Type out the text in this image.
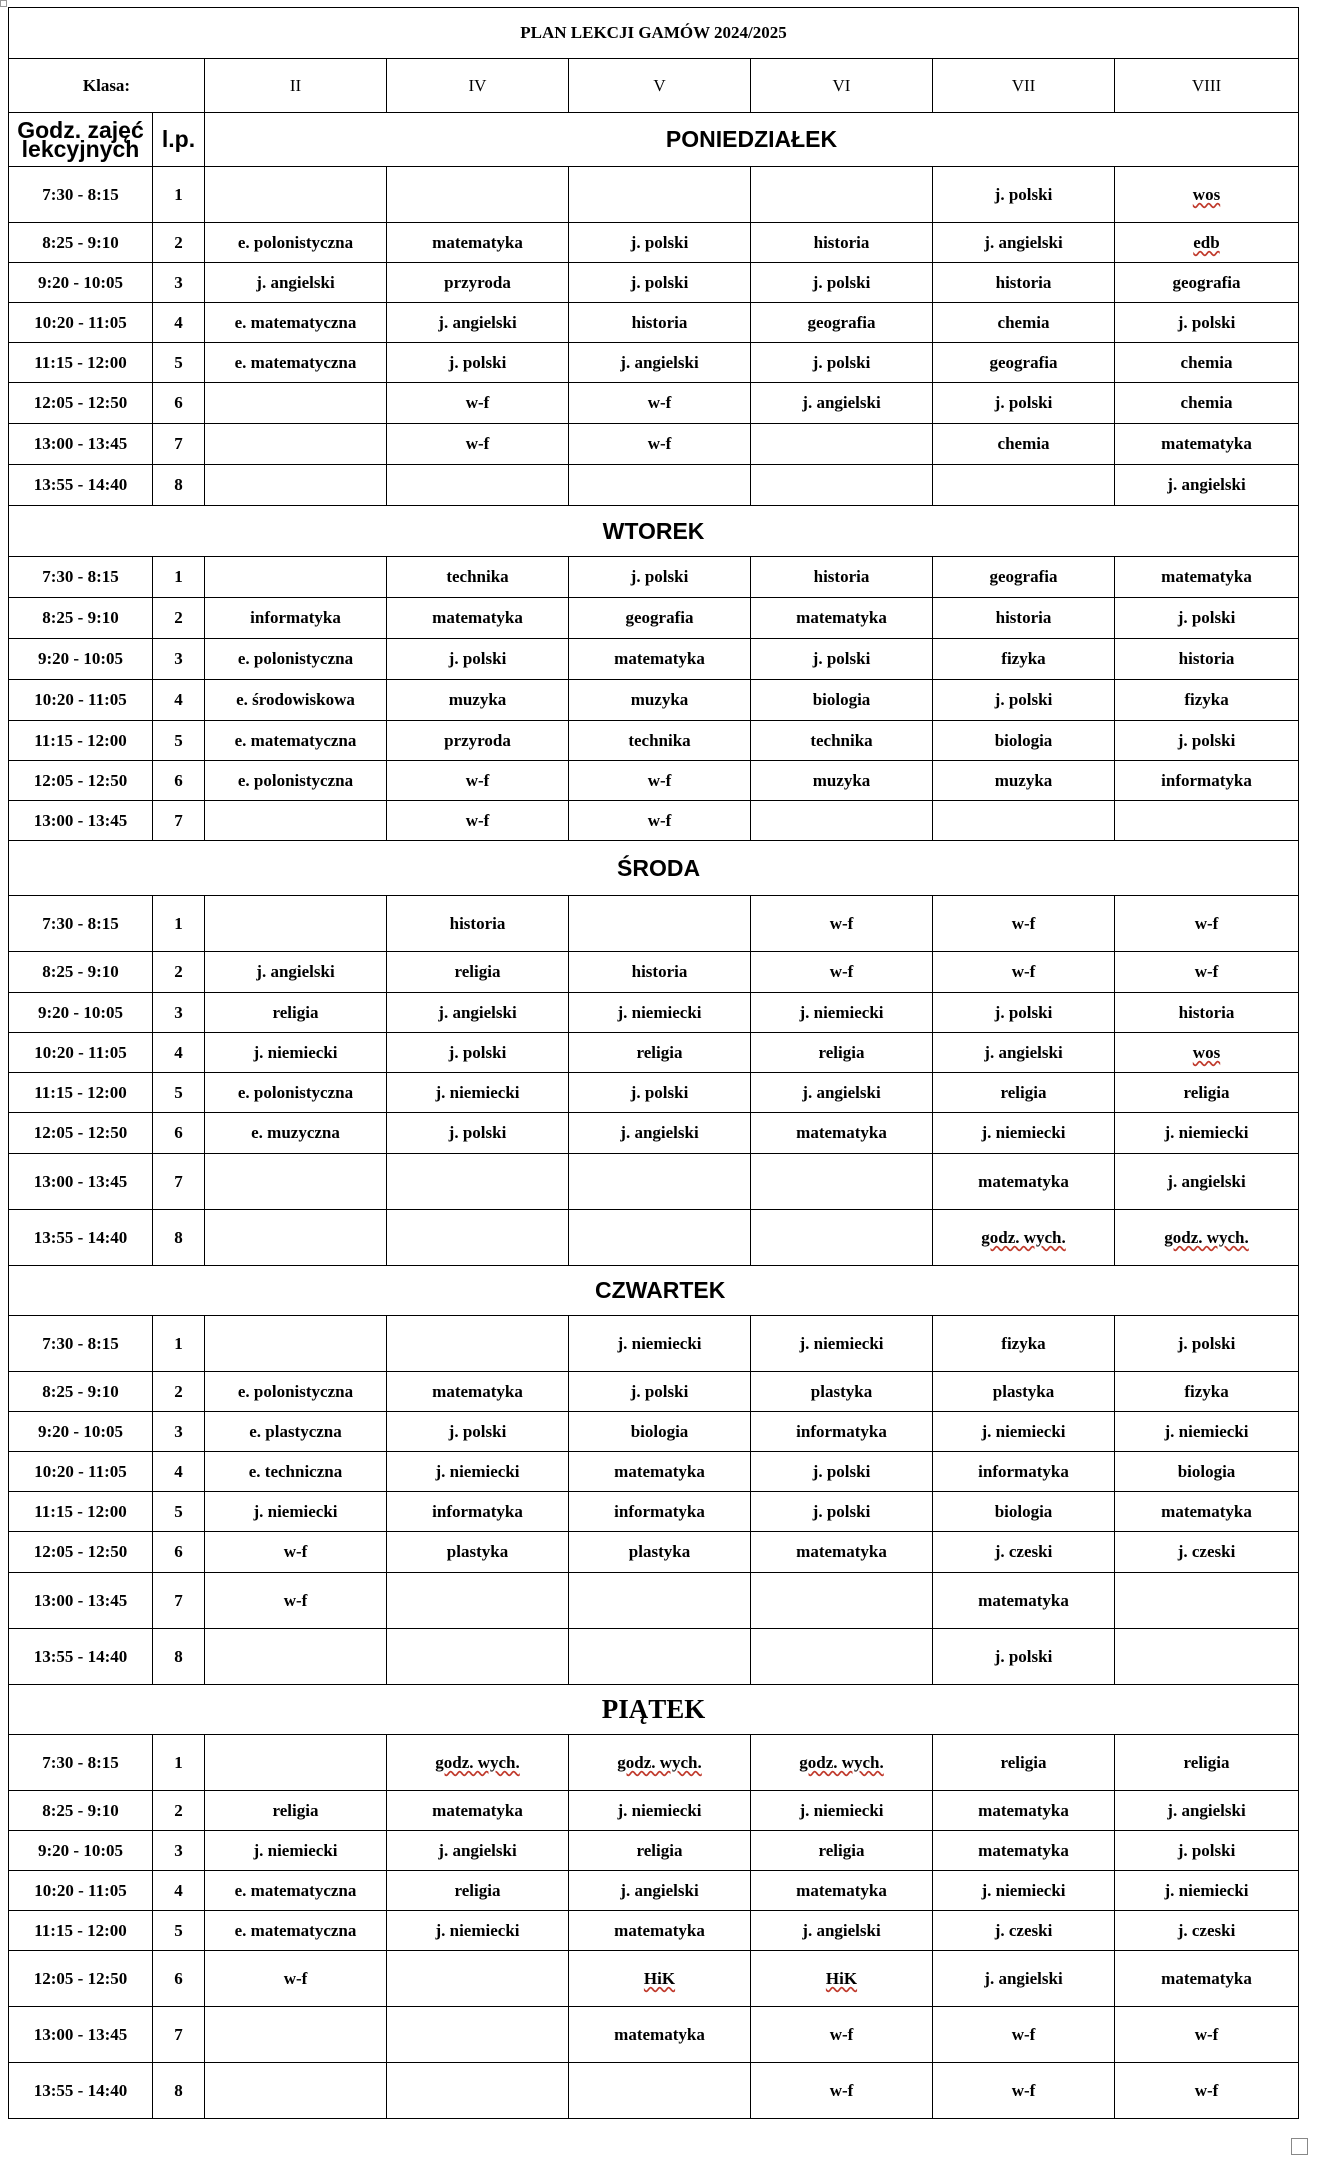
PLAN LEKCJI GAMÓW 2024/2025							
Klasa:		II	IV	V	VI	VII	VIII
Godz. zajęć lekcyjnych	l.p.	PONIEDZIAŁEK					
7:30 - 8:15	1					j. polski	wos
8:25 - 9:10	2	e. polonistyczna	matematyka	j. polski	historia	j. angielski	edb
9:20 - 10:05	3	j. angielski	przyroda	j. polski	j. polski	historia	geografia
10:20 - 11:05	4	e. matematyczna	j. angielski	historia	geografia	chemia	j. polski
11:15 - 12:00	5	e. matematyczna	j. polski	j. angielski	j. polski	geografia	chemia
12:05 - 12:50	6		w-f	w-f	j. angielski	j. polski	chemia
13:00 - 13:45	7		w-f	w-f		chemia	matematyka
13:55 - 14:40	8						j. angielski
WTOREK							
7:30 - 8:15	1		technika	j. polski	historia	geografia	matematyka
8:25 - 9:10	2	informatyka	matematyka	geografia	matematyka	historia	j. polski
9:20 - 10:05	3	e. polonistyczna	j. polski	matematyka	j. polski	fizyka	historia
10:20 - 11:05	4	e. środowiskowa	muzyka	muzyka	biologia	j. polski	fizyka
11:15 - 12:00	5	e. matematyczna	przyroda	technika	technika	biologia	j. polski
12:05 - 12:50	6	e. polonistyczna	w-f	w-f	muzyka	muzyka	informatyka
13:00 - 13:45	7		w-f	w-f			
ŚRODA							
7:30 - 8:15	1		historia		w-f	w-f	w-f
8:25 - 9:10	2	j. angielski	religia	historia	w-f	w-f	w-f
9:20 - 10:05	3	religia	j. angielski	j. niemiecki	j. niemiecki	j. polski	historia
10:20 - 11:05	4	j. niemiecki	j. polski	religia	religia	j. angielski	wos
11:15 - 12:00	5	e. polonistyczna	j. niemiecki	j. polski	j. angielski	religia	religia
12:05 - 12:50	6	e. muzyczna	j. polski	j. angielski	matematyka	j. niemiecki	j. niemiecki
13:00 - 13:45	7					matematyka	j. angielski
13:55 - 14:40	8					godz. wych.	godz. wych.
CZWARTEK							
7:30 - 8:15	1			j. niemiecki	j. niemiecki	fizyka	j. polski
8:25 - 9:10	2	e. polonistyczna	matematyka	j. polski	plastyka	plastyka	fizyka
9:20 - 10:05	3	e. plastyczna	j. polski	biologia	informatyka	j. niemiecki	j. niemiecki
10:20 - 11:05	4	e. techniczna	j. niemiecki	matematyka	j. polski	informatyka	biologia
11:15 - 12:00	5	j. niemiecki	informatyka	informatyka	j. polski	biologia	matematyka
12:05 - 12:50	6	w-f	plastyka	plastyka	matematyka	j. czeski	j. czeski
13:00 - 13:45	7	w-f				matematyka	
13:55 - 14:40	8					j. polski	
PIĄTEK							
7:30 - 8:15	1		godz. wych.	godz. wych.	godz. wych.	religia	religia
8:25 - 9:10	2	religia	matematyka	j. niemiecki	j. niemiecki	matematyka	j. angielski
9:20 - 10:05	3	j. niemiecki	j. angielski	religia	religia	matematyka	j. polski
10:20 - 11:05	4	e. matematyczna	religia	j. angielski	matematyka	j. niemiecki	j. niemiecki
11:15 - 12:00	5	e. matematyczna	j. niemiecki	matematyka	j. angielski	j. czeski	j. czeski
12:05 - 12:50	6	w-f		HiK	HiK	j. angielski	matematyka
13:00 - 13:45	7			matematyka	w-f	w-f	w-f
13:55 - 14:40	8				w-f	w-f	w-f
